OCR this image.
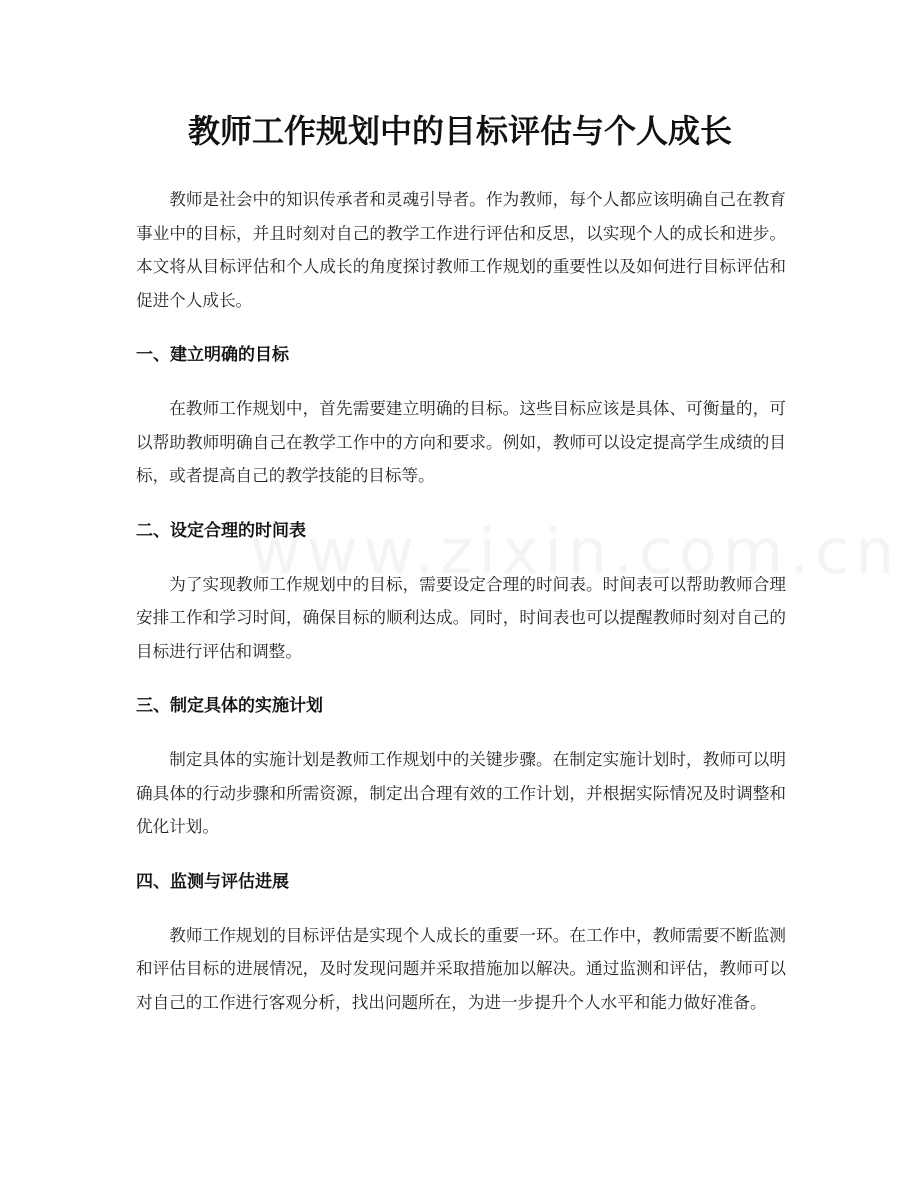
教师工作规划中的目标评估与个人成长

教师是社会中的知识传承者和灵魂引导者。作为教师，每个人都应该明确自己在教育事业中的目标，并且时刻对自己的教学工作进行评估和反思，以实现个人的成长和进步。本文将从目标评估和个人成长的角度探讨教师工作规划的重要性以及如何进行目标评估和促进个人成长。

一、建立明确的目标

在教师工作规划中，首先需要建立明确的目标。这些目标应该是具体、可衡量的，可以帮助教师明确自己在教学工作中的方向和要求。例如，教师可以设定提高学生成绩的目标，或者提高自己的教学技能的目标等。

二、设定合理的时间表

为了实现教师工作规划中的目标，需要设定合理的时间表。时间表可以帮助教师合理安排工作和学习时间，确保目标的顺利达成。同时，时间表也可以提醒教师时刻对自己的目标进行评估和调整。

三、制定具体的实施计划

制定具体的实施计划是教师工作规划中的关键步骤。在制定实施计划时，教师可以明确具体的行动步骤和所需资源，制定出合理有效的工作计划，并根据实际情况及时调整和优化计划。

四、监测与评估进展

教师工作规划的目标评估是实现个人成长的重要一环。在工作中，教师需要不断监测和评估目标的进展情况，及时发现问题并采取措施加以解决。通过监测和评估，教师可以对自己的工作进行客观分析，找出问题所在，为进一步提升个人水平和能力做好准备。
